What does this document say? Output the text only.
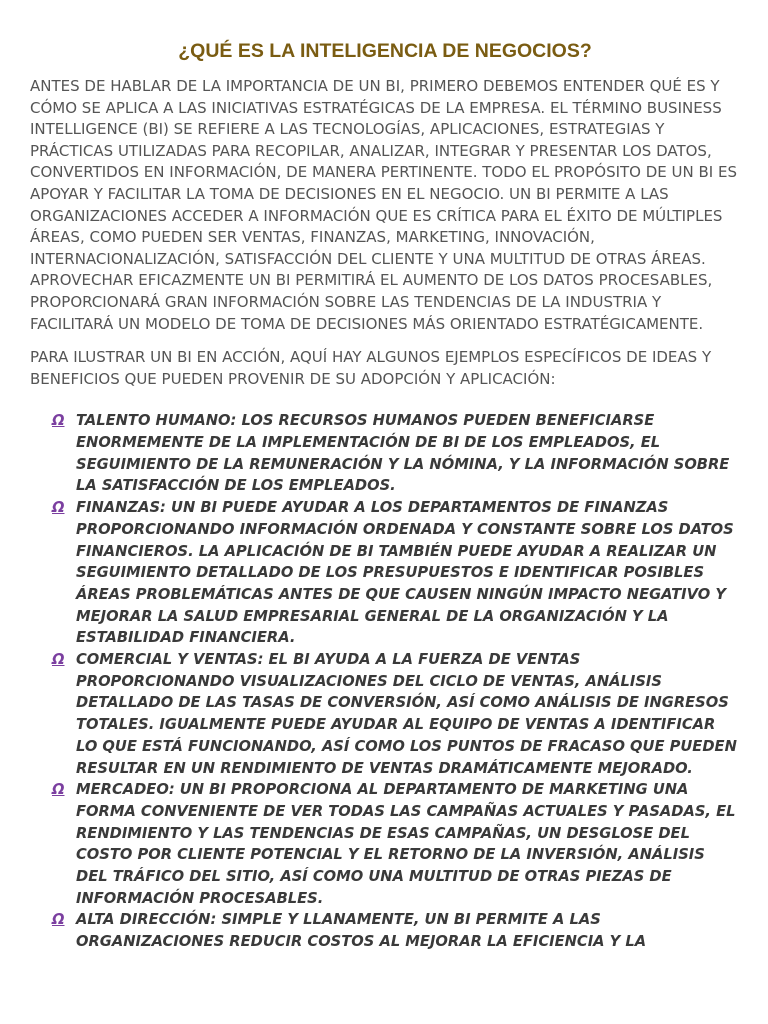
¿QUÉ ES LA INTELIGENCIA DE NEGOCIOS?

ANTES DE HABLAR DE LA IMPORTANCIA DE UN BI, PRIMERO DEBEMOS ENTENDER QUÉ ES Y CÓMO SE APLICA A LAS INICIATIVAS ESTRATÉGICAS DE LA EMPRESA. EL TÉRMINO BUSINESS INTELLIGENCE (BI) SE REFIERE A LAS TECNOLOGÍAS, APLICACIONES, ESTRATEGIAS Y PRÁCTICAS UTILIZADAS PARA RECOPILAR, ANALIZAR, INTEGRAR Y PRESENTAR LOS DATOS, CONVERTIDOS EN INFORMACIÓN, DE MANERA PERTINENTE. TODO EL PROPÓSITO DE UN BI ES APOYAR Y FACILITAR LA TOMA DE DECISIONES EN EL NEGOCIO. UN BI PERMITE A LAS ORGANIZACIONES ACCEDER A INFORMACIÓN QUE ES CRÍTICA PARA EL ÉXITO DE MÚLTIPLES ÁREAS, COMO PUEDEN SER VENTAS, FINANZAS, MARKETING, INNOVACIÓN, INTERNACIONALIZACIÓN, SATISFACCIÓN DEL CLIENTE Y UNA MULTITUD DE OTRAS ÁREAS. APROVECHAR EFICAZMENTE UN BI PERMITIRÁ EL AUMENTO DE LOS DATOS PROCESABLES, PROPORCIONARÁ GRAN INFORMACIÓN SOBRE LAS TENDENCIAS DE LA INDUSTRIA Y FACILITARÁ UN MODELO DE TOMA DE DECISIONES MÁS ORIENTADO ESTRATÉGICAMENTE.

PARA ILUSTRAR UN BI EN ACCIÓN, AQUÍ HAY ALGUNOS EJEMPLOS ESPECÍFICOS DE IDEAS Y BENEFICIOS QUE PUEDEN PROVENIR DE SU ADOPCIÓN Y APLICACIÓN:

Ω TALENTO HUMANO: LOS RECURSOS HUMANOS PUEDEN BENEFICIARSE ENORMEMENTE DE LA IMPLEMENTACIÓN DE BI DE LOS EMPLEADOS, EL SEGUIMIENTO DE LA REMUNERACIÓN Y LA NÓMINA, Y LA INFORMACIÓN SOBRE LA SATISFACCIÓN DE LOS EMPLEADOS.
Ω FINANZAS: UN BI PUEDE AYUDAR A LOS DEPARTAMENTOS DE FINANZAS PROPORCIONANDO INFORMACIÓN ORDENADA Y CONSTANTE SOBRE LOS DATOS FINANCIEROS. LA APLICACIÓN DE BI TAMBIÉN PUEDE AYUDAR A REALIZAR UN SEGUIMIENTO DETALLADO DE LOS PRESUPUESTOS E IDENTIFICAR POSIBLES ÁREAS PROBLEMÁTICAS ANTES DE QUE CAUSEN NINGÚN IMPACTO NEGATIVO Y MEJORAR LA SALUD EMPRESARIAL GENERAL DE LA ORGANIZACIÓN Y LA ESTABILIDAD FINANCIERA.
Ω COMERCIAL Y VENTAS: EL BI AYUDA A LA FUERZA DE VENTAS PROPORCIONANDO VISUALIZACIONES DEL CICLO DE VENTAS, ANÁLISIS DETALLADO DE LAS TASAS DE CONVERSIÓN, ASÍ COMO ANÁLISIS DE INGRESOS TOTALES. IGUALMENTE PUEDE AYUDAR AL EQUIPO DE VENTAS A IDENTIFICAR LO QUE ESTÁ FUNCIONANDO, ASÍ COMO LOS PUNTOS DE FRACASO QUE PUEDEN RESULTAR EN UN RENDIMIENTO DE VENTAS DRAMÁTICAMENTE MEJORADO.
Ω MERCADEO: UN BI PROPORCIONA AL DEPARTAMENTO DE MARKETING UNA FORMA CONVENIENTE DE VER TODAS LAS CAMPAÑAS ACTUALES Y PASADAS, EL RENDIMIENTO Y LAS TENDENCIAS DE ESAS CAMPAÑAS, UN DESGLOSE DEL COSTO POR CLIENTE POTENCIAL Y EL RETORNO DE LA INVERSIÓN, ANÁLISIS DEL TRÁFICO DEL SITIO, ASÍ COMO UNA MULTITUD DE OTRAS PIEZAS DE INFORMACIÓN PROCESABLES.
Ω ALTA DIRECCIÓN: SIMPLE Y LLANAMENTE, UN BI PERMITE A LAS ORGANIZACIONES REDUCIR COSTOS AL MEJORAR LA EFICIENCIA Y LA
